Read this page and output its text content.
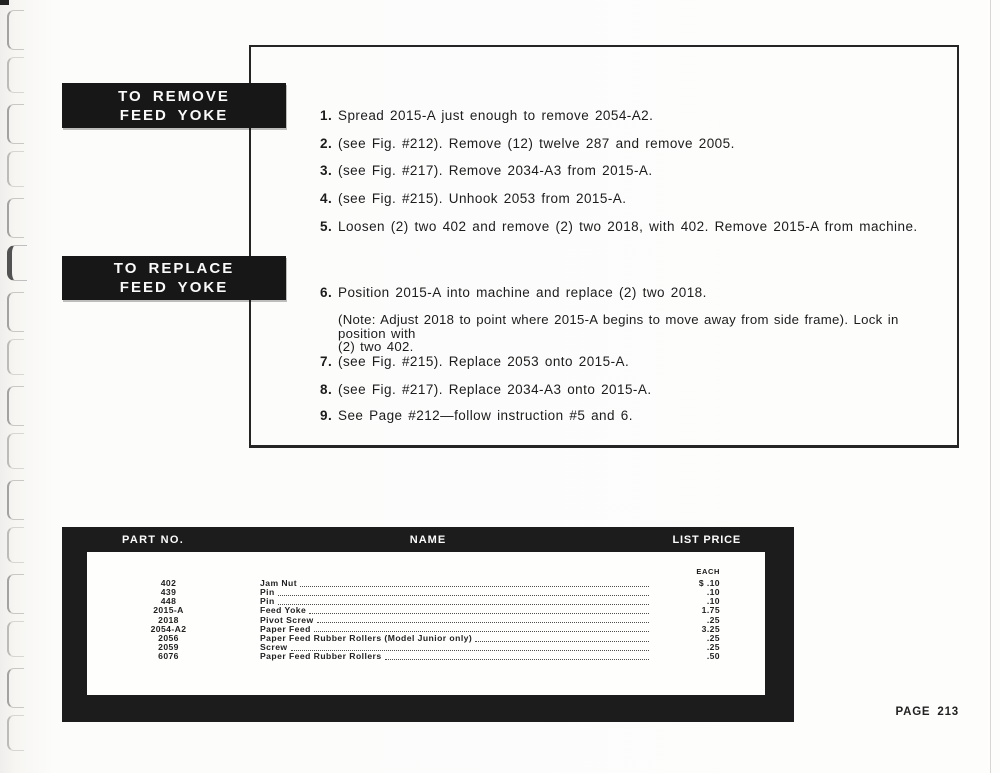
TO REMOVE
FEED YOKE
TO REPLACE
FEED YOKE
1. Spread 2015-A just enough to remove 2054-A2.
2. (see Fig. #212). Remove (12) twelve 287 and remove 2005.
3. (see Fig. #217). Remove 2034-A3 from 2015-A.
4. (see Fig. #215). Unhook 2053 from 2015-A.
5. Loosen (2) two 402 and remove (2) two 2018, with 402. Remove 2015-A from machine.
6. Position 2015-A into machine and replace (2) two 2018.
7. (see Fig. #215). Replace 2053 onto 2015-A.
8. (see Fig. #217). Replace 2034-A3 onto 2015-A.
9. See Page #212—follow instruction #5 and 6.
(Note: Adjust 2018 to point where 2015-A begins to move away from side frame). Lock in position with
(2) two 402.
PART NO.	NAME	LIST PRICE
EACH
402	Jam Nut	$ .10
439	Pin	.10
448	Pin	.10
2015-A	Feed Yoke	1.75
2018	Pivot Screw	.25
2054-A2	Paper Feed	3.25
2056	Paper Feed Rubber Rollers (Model Junior only)	.25
2059	Screw	.25
6076	Paper Feed Rubber Rollers	.50
PAGE 213
